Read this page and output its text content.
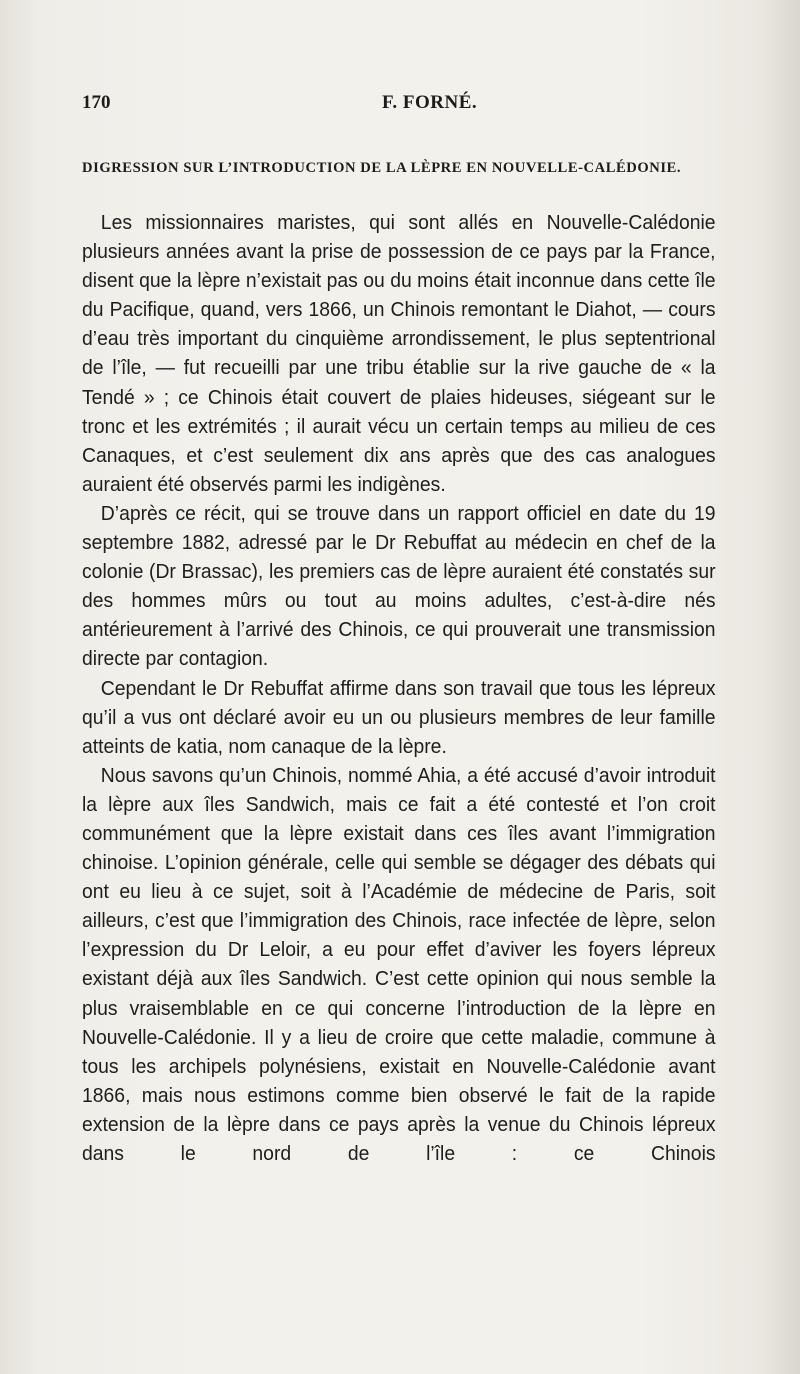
170	F. FORNÉ.
DIGRESSION SUR L’INTRODUCTION DE LA LÈPRE EN NOUVELLE-CALÉDONIE.

Les missionnaires maristes, qui sont allés en Nouvelle-Calédonie plusieurs années avant la prise de possession de ce pays par la France, disent que la lèpre n’existait pas ou du moins était inconnue dans cette île du Pacifique, quand, vers 1866, un Chinois remontant le Diahot, — cours d’eau très important du cinquième arrondissement, le plus septentrional de l’île, — fut recueilli par une tribu établie sur la rive gauche de « la Tendé » ; ce Chinois était couvert de plaies hideuses, siégeant sur le tronc et les extrémités ; il aurait vécu un certain temps au milieu de ces Canaques, et c’est seulement dix ans après que des cas analogues auraient été observés parmi les indigènes.

D’après ce récit, qui se trouve dans un rapport officiel en date du 19 septembre 1882, adressé par le Dr Rebuffat au médecin en chef de la colonie (Dr Brassac), les premiers cas de lèpre auraient été constatés sur des hommes mûrs ou tout au moins adultes, c’est-à-dire nés antérieurement à l’arrivé des Chinois, ce qui prouverait une transmission directe par contagion.

Cependant le Dr Rebuffat affirme dans son travail que tous les lépreux qu’il a vus ont déclaré avoir eu un ou plusieurs membres de leur famille atteints de katia, nom canaque de la lèpre.

Nous savons qu’un Chinois, nommé Ahia, a été accusé d’avoir introduit la lèpre aux îles Sandwich, mais ce fait a été contesté et l’on croit communément que la lèpre existait dans ces îles avant l’immigration chinoise. L’opinion générale, celle qui semble se dégager des débats qui ont eu lieu à ce sujet, soit à l’Académie de médecine de Paris, soit ailleurs, c’est que l’immigration des Chinois, race infectée de lèpre, selon l’expression du Dr Leloir, a eu pour effet d’aviver les foyers lépreux existant déjà aux îles Sandwich. C’est cette opinion qui nous semble la plus vraisemblable en ce qui concerne l’introduction de la lèpre en Nouvelle-Calédonie. Il y a lieu de croire que cette maladie, commune à tous les archipels polynésiens, existait en Nouvelle-Calédonie avant 1866, mais nous estimons comme bien observé le fait de la rapide extension de la lèpre dans ce pays après la venue du Chinois lépreux dans le nord de l’île : ce Chinois
